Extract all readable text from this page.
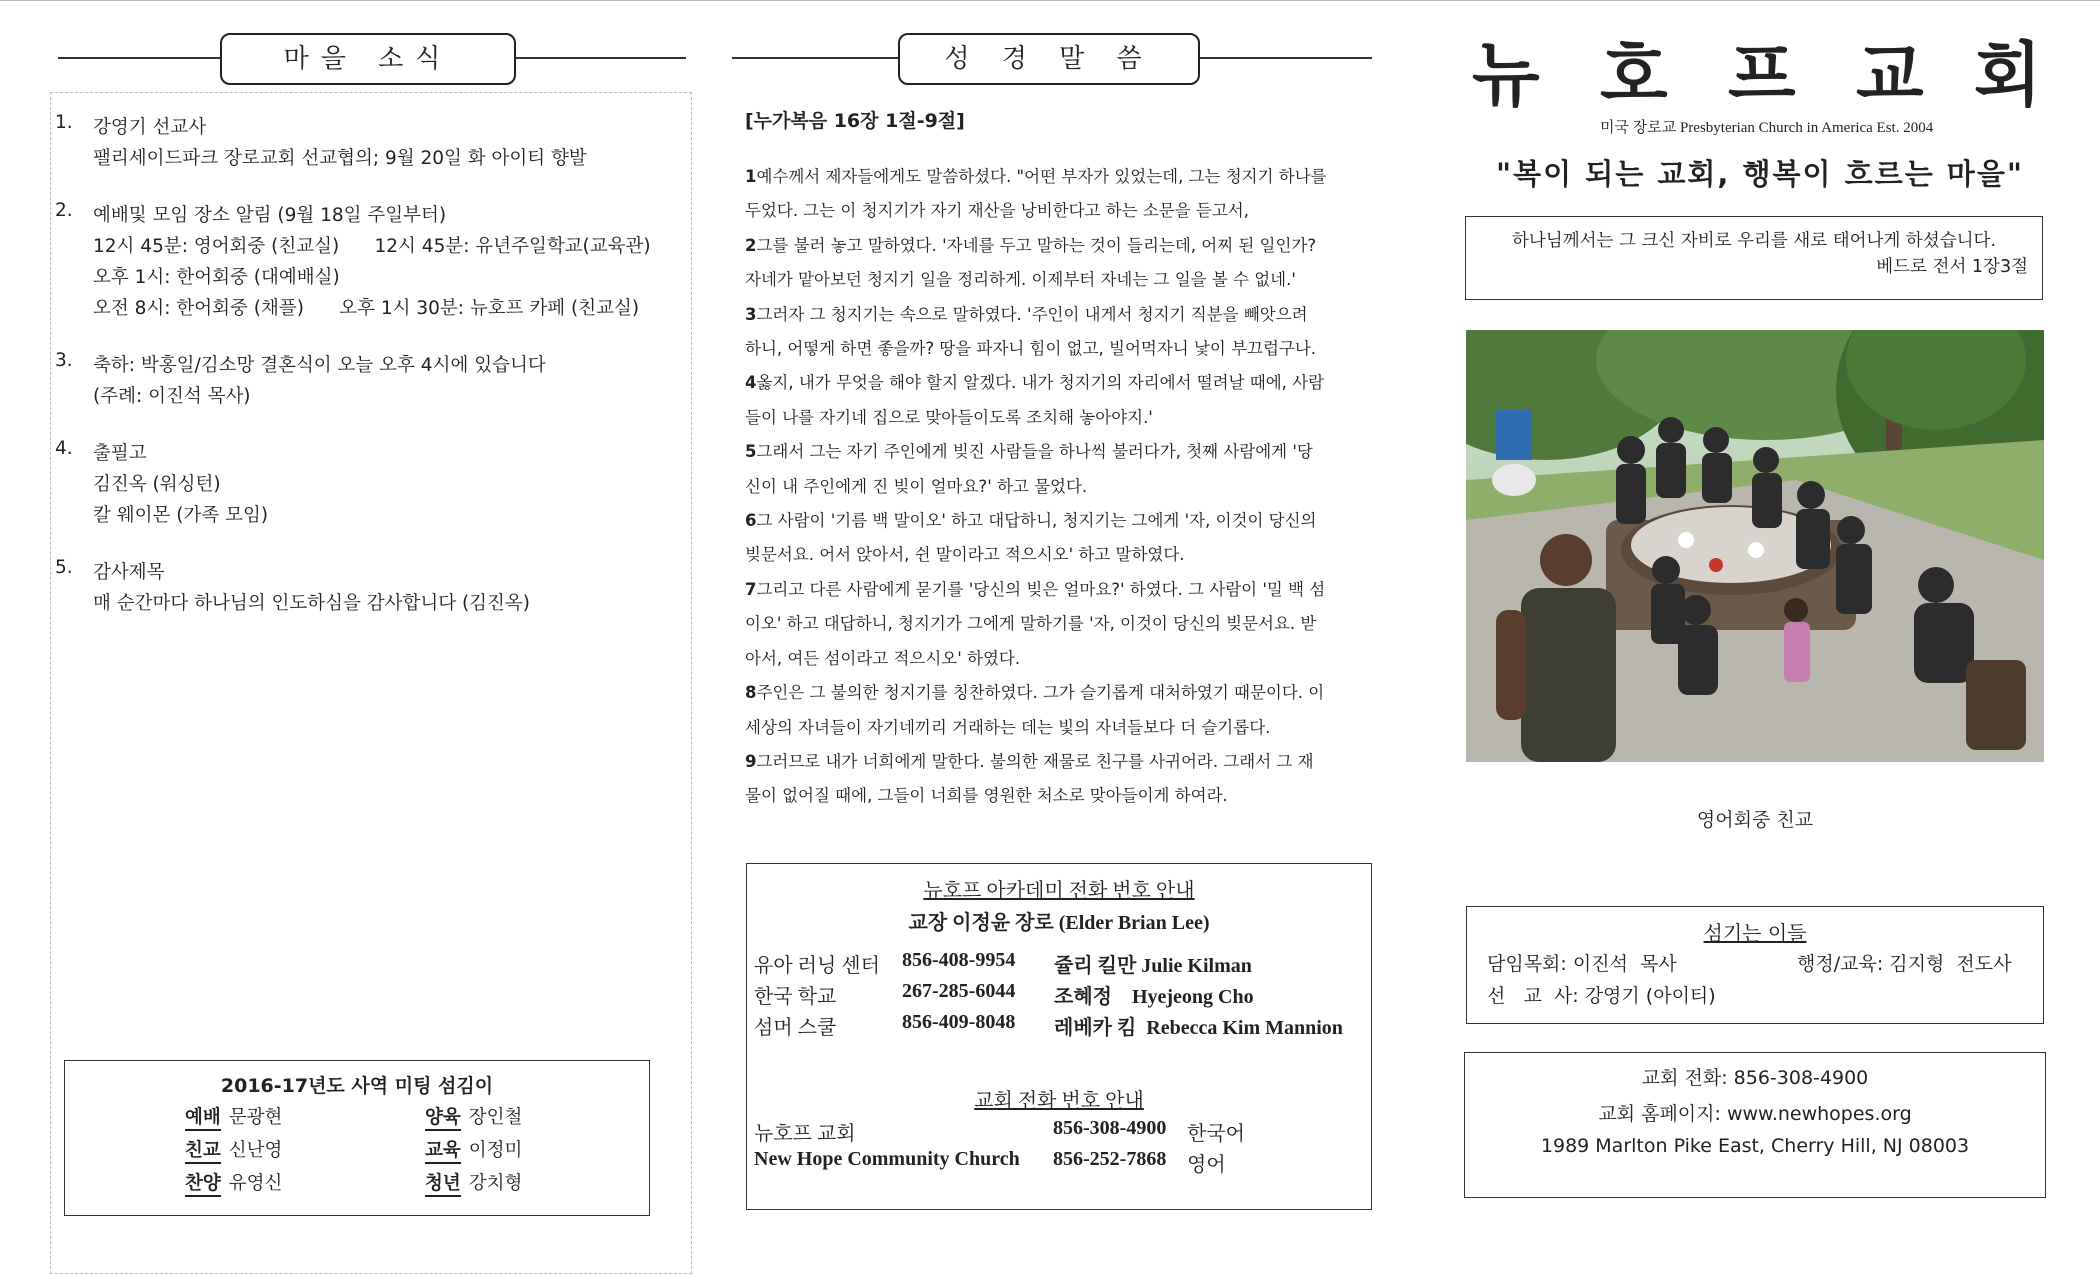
마을 소식
1.	강영기 선교사
팰리세이드파크 장로교회 선교협의; 9월 20일 화 아이티 향발
2.	예배및 모임 장소 알림 (9월 18일 주일부터)
12시 45분: 영어회중 (친교실)      12시 45분: 유년주일학교(교육관)
오후 1시: 한어회중 (대예배실)
오전 8시: 한어회중 (채플)      오후 1시 30분: 뉴호프 카페 (친교실)
3.	축하: 박홍일/김소망 결혼식이 오늘 오후 4시에 있습니다
(주례: 이진석 목사)
4.	출필고
김진옥 (워싱턴)
칼 웨이몬 (가족 모임)
5.	감사제목
매 순간마다 하나님의 인도하심을 감사합니다 (김진옥)
2016-17년도 사역 미팅 섬김이
예배 문광현	양육 장인철
친교 신난영	교육 이정미
찬양 유영신	청년 강치형
성 경 말 씀
[누가복음 16장 1절-9절]
1예수께서 제자들에게도 말씀하셨다. "어떤 부자가 있었는데, 그는 청지기 하나를
두었다. 그는 이 청지기가 자기 재산을 낭비한다고 하는 소문을 듣고서,
2그를 불러 놓고 말하였다. '자네를 두고 말하는 것이 들리는데, 어찌 된 일인가?
자네가 맡아보던 청지기 일을 정리하게. 이제부터 자네는 그 일을 볼 수 없네.'
3그러자 그 청지기는 속으로 말하였다. '주인이 내게서 청지기 직분을 빼앗으려
하니, 어떻게 하면 좋을까? 땅을 파자니 힘이 없고, 빌어먹자니 낯이 부끄럽구나.
4옳지, 내가 무엇을 해야 할지 알겠다. 내가 청지기의 자리에서 떨려날 때에, 사람
들이 나를 자기네 집으로 맞아들이도록 조치해 놓아야지.'
5그래서 그는 자기 주인에게 빚진 사람들을 하나씩 불러다가, 첫째 사람에게 '당
신이 내 주인에게 진 빚이 얼마요?' 하고 물었다.
6그 사람이 '기름 백 말이오' 하고 대답하니, 청지기는 그에게 '자, 이것이 당신의
빚문서요. 어서 앉아서, 쉰 말이라고 적으시오' 하고 말하였다.
7그리고 다른 사람에게 묻기를 '당신의 빚은 얼마요?' 하였다. 그 사람이 '밀 백 섬
이오' 하고 대답하니, 청지기가 그에게 말하기를 '자, 이것이 당신의 빚문서요. 받
아서, 여든 섬이라고 적으시오' 하였다.
8주인은 그 불의한 청지기를 칭찬하였다. 그가 슬기롭게 대처하였기 때문이다. 이
세상의 자녀들이 자기네끼리 거래하는 데는 빛의 자녀들보다 더 슬기롭다.
9그러므로 내가 너희에게 말한다. 불의한 재물로 친구를 사귀어라. 그래서 그 재
물이 없어질 때에, 그들이 너희를 영원한 처소로 맞아들이게 하여라.
뉴호프 아카데미 전화 번호 안내
교장 이정윤 장로 (Elder Brian Lee)
유아 러닝 센터 856-408-9954 쥴리 킬만 Julie Kilman
한국 학교	267-285-6044 조혜정    Hyejeong Cho
섬머 스쿨	856-409-8048 레베카 킴  Rebecca Kim Mannion
교회 전화 번호 안내
뉴호프 교회	856-308-4900 한국어
New Hope Community Church 856-252-7868 영어
뉴 호 프 교 회
미국 장로교 Presbyterian Church in America Est. 2004
"복이 되는 교회, 행복이 흐르는 마을"
하나님께서는 그 크신 자비로 우리를 새로 태어나게 하셨습니다.
베드로 전서 1장3절
영어회중 친교
섬기는 이들
담임목회: 이진석  목사	행정/교육: 김지형  전도사
선   교  사: 강영기 (아이티)
교회 전화: 856-308-4900
교회 홈페이지: www.newhopes.org
1989 Marlton Pike East, Cherry Hill, NJ 08003
